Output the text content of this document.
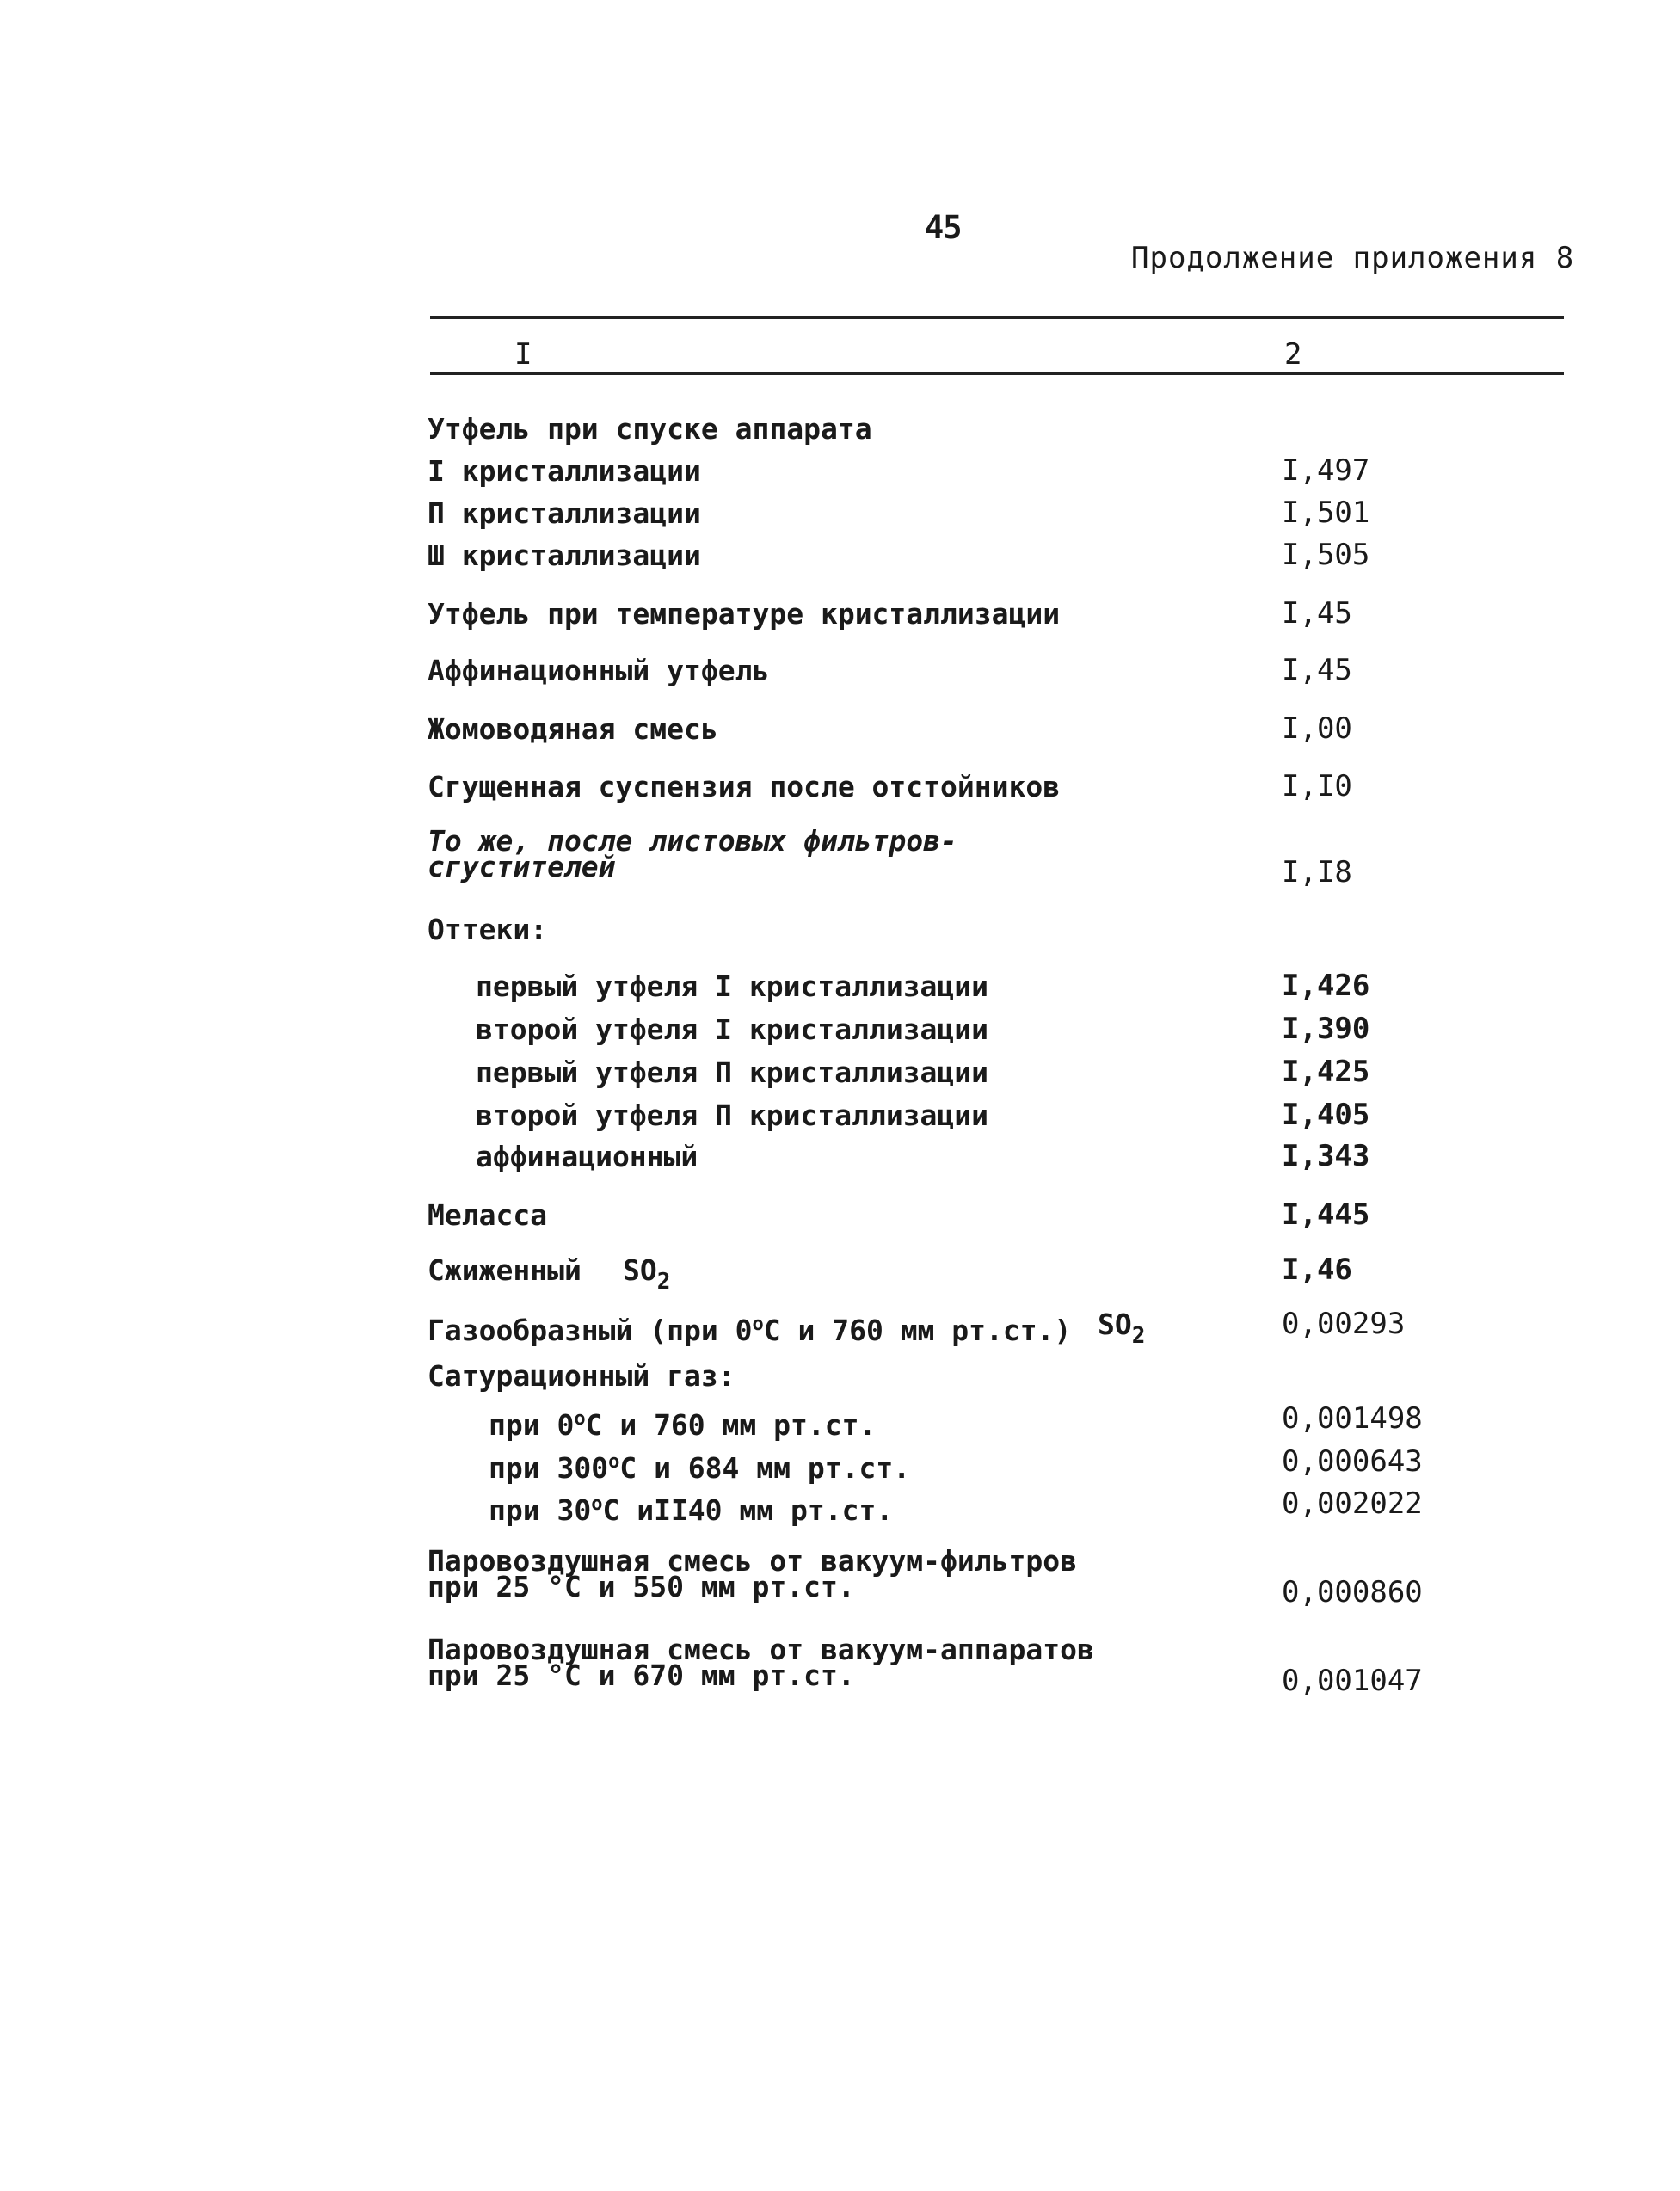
45
Продолжение приложения 8
I	2
Утфель при спуске аппарата
I кристаллизации	I,497
П кристаллизации	I,501
Ш кристаллизации	I,505
Утфель при температуре кристаллизации	I,45
Аффинационный утфель	I,45
Жомоводяная смесь	I,00
Сгущенная суспензия после отстойников	I,I0
То же, после листовых фильтров-
сгустителей	I,I8
Оттеки:
первый утфеля I кристаллизации	I,426
второй утфеля I кристаллизации	I,390
первый утфеля П кристаллизации	I,425
второй утфеля П кристаллизации	I,405
аффинационный	I,343
Меласса	I,445
Сжиженный $SO_2$	I,46
Газообразный (при $0^оС$ и 760 мм рт.ст.) $SO_2$	0,00293
Сатурационный газ:
при $0^оС$ и 760 мм рт.ст.	0,001498
при $300^оС$ и 684 мм рт.ст.	0,000643
при $30^оС$ иII40 мм рт.ст.	0,002022
Паровоздушная смесь от вакуум-фильтров
при 25 °С и 550 мм рт.ст.	0,000860
Паровоздушная смесь от вакуум-аппаратов
при 25 °С и 670 мм рт.ст.	0,001047
